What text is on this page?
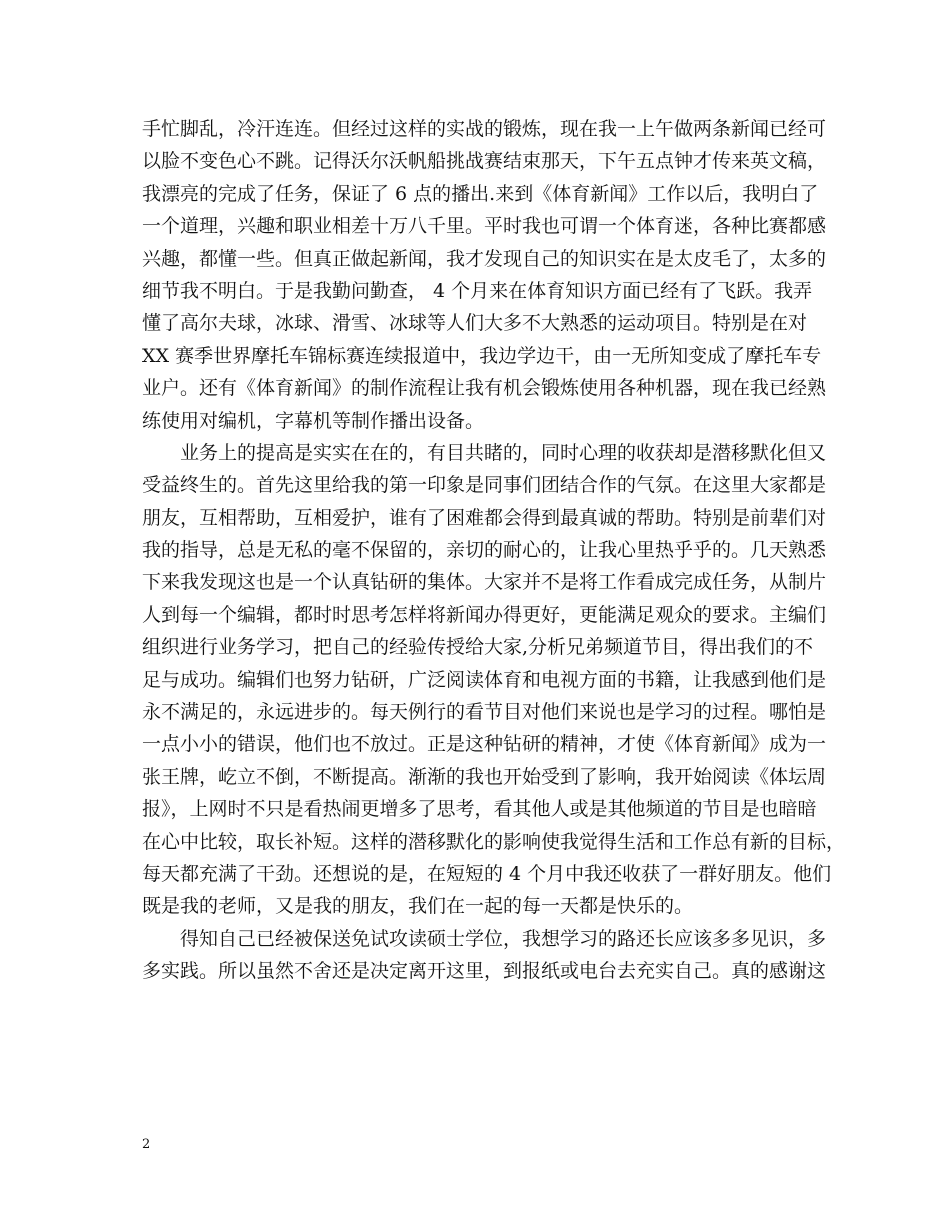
手忙脚乱，冷汗连连。但经过这样的实战的锻炼，现在我一上午做两条新闻已经可
以脸不变色心不跳。记得沃尔沃帆船挑战赛结束那天，下午五点钟才传来英文稿，
我漂亮的完成了任务，保证了 6 点的播出.来到《体育新闻》工作以后，我明白了
一个道理，兴趣和职业相差十万八千里。平时我也可谓一个体育迷，各种比赛都感
兴趣，都懂一些。但真正做起新闻，我才发现自己的知识实在是太皮毛了，太多的
细节我不明白。于是我勤问勤查， 4 个月来在体育知识方面已经有了飞跃。我弄
懂了高尔夫球，冰球、滑雪、冰球等人们大多不大熟悉的运动项目。特别是在对
XX 赛季世界摩托车锦标赛连续报道中，我边学边干，由一无所知变成了摩托车专
业户。还有《体育新闻》的制作流程让我有机会锻炼使用各种机器，现在我已经熟
练使用对编机，字幕机等制作播出设备。
业务上的提高是实实在在的，有目共睹的，同时心理的收获却是潜移默化但又
受益终生的。首先这里给我的第一印象是同事们团结合作的气氛。在这里大家都是
朋友，互相帮助，互相爱护，谁有了困难都会得到最真诚的帮助。特别是前辈们对
我的指导，总是无私的毫不保留的，亲切的耐心的，让我心里热乎乎的。几天熟悉
下来我发现这也是一个认真钻研的集体。大家并不是将工作看成完成任务，从制片
人到每一个编辑，都时时思考怎样将新闻办得更好，更能满足观众的要求。主编们
组织进行业务学习，把自己的经验传授给大家,分析兄弟频道节目，得出我们的不
足与成功。编辑们也努力钻研，广泛阅读体育和电视方面的书籍，让我感到他们是
永不满足的，永远进步的。每天例行的看节目对他们来说也是学习的过程。哪怕是
一点小小的错误，他们也不放过。正是这种钻研的精神，才使《体育新闻》成为一
张王牌，屹立不倒，不断提高。渐渐的我也开始受到了影响，我开始阅读《体坛周
报》，上网时不只是看热闹更增多了思考，看其他人或是其他频道的节目是也暗暗
在心中比较，取长补短。这样的潜移默化的影响使我觉得生活和工作总有新的目标，
每天都充满了干劲。还想说的是，在短短的 4 个月中我还收获了一群好朋友。他们
既是我的老师，又是我的朋友，我们在一起的每一天都是快乐的。
得知自己已经被保送免试攻读硕士学位，我想学习的路还长应该多多见识，多
多实践。所以虽然不舍还是决定离开这里，到报纸或电台去充实自己。真的感谢这
2
